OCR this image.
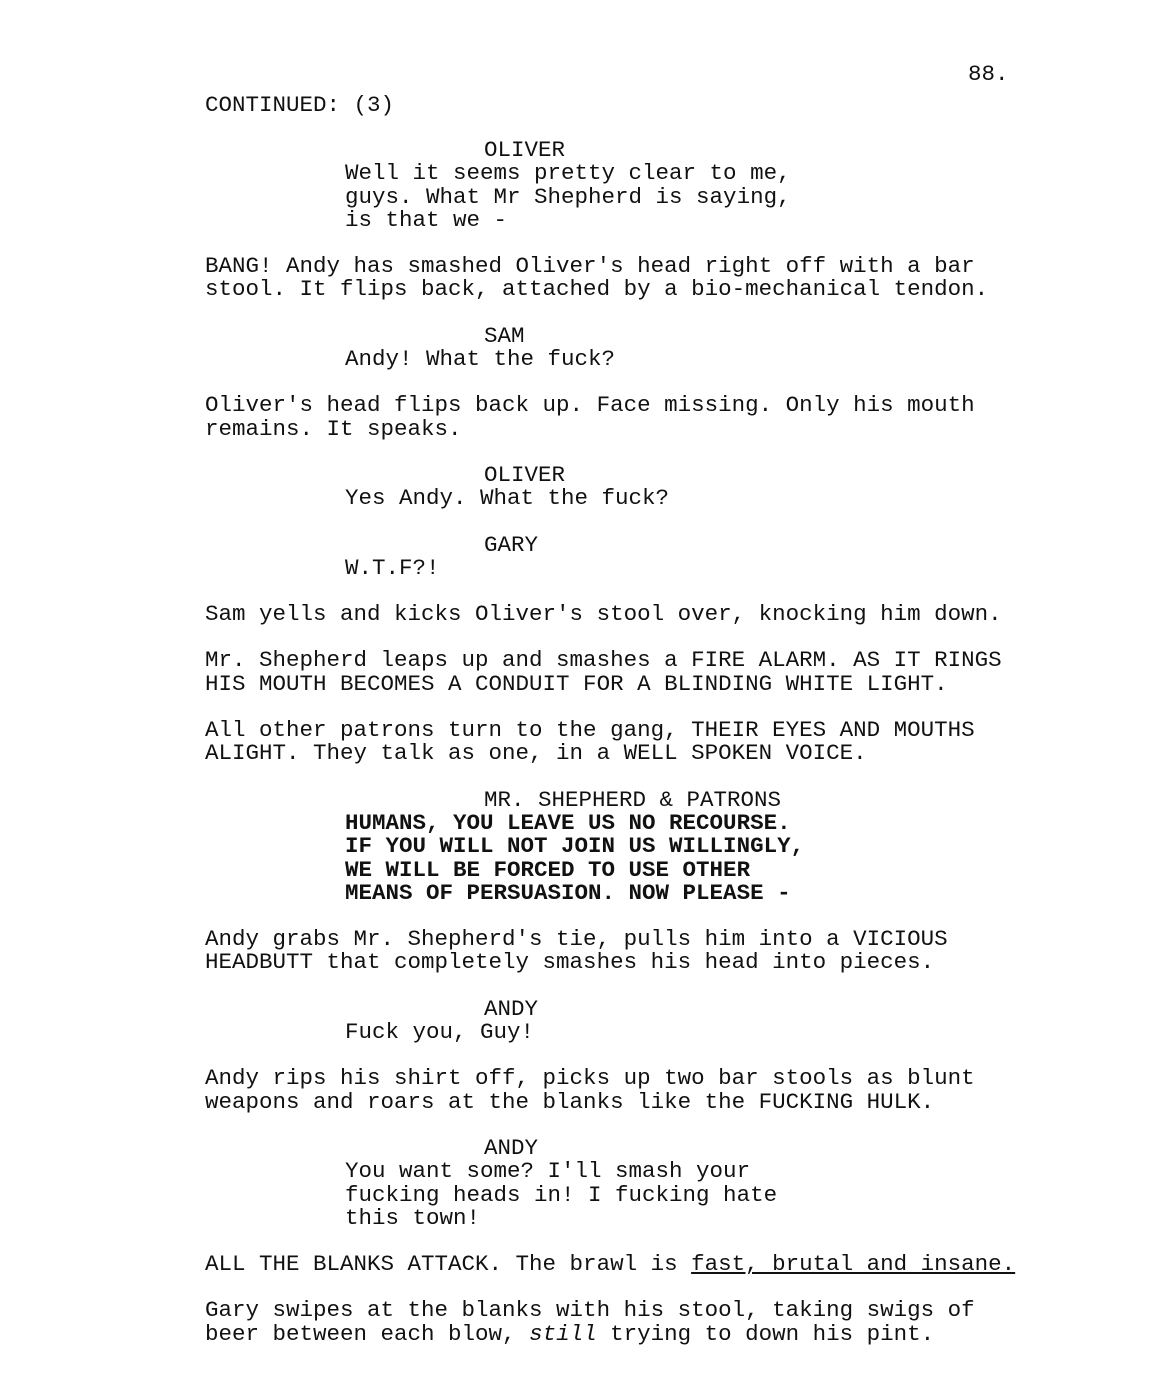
88.
CONTINUED: (3)
OLIVER
Well it seems pretty clear to me,
guys. What Mr Shepherd is saying,
is that we -
BANG! Andy has smashed Oliver's head right off with a bar
stool. It flips back, attached by a bio-mechanical tendon.
SAM
Andy! What the fuck?
Oliver's head flips back up. Face missing. Only his mouth
remains. It speaks.
OLIVER
Yes Andy. What the fuck?
GARY
W.T.F?!
Sam yells and kicks Oliver's stool over, knocking him down.
Mr. Shepherd leaps up and smashes a FIRE ALARM. AS IT RINGS
HIS MOUTH BECOMES A CONDUIT FOR A BLINDING WHITE LIGHT.
All other patrons turn to the gang, THEIR EYES AND MOUTHS
ALIGHT. They talk as one, in a WELL SPOKEN VOICE.
MR. SHEPHERD & PATRONS
HUMANS, YOU LEAVE US NO RECOURSE.
IF YOU WILL NOT JOIN US WILLINGLY,
WE WILL BE FORCED TO USE OTHER
MEANS OF PERSUASION. NOW PLEASE -
Andy grabs Mr. Shepherd's tie, pulls him into a VICIOUS
HEADBUTT that completely smashes his head into pieces.
ANDY
Fuck you, Guy!
Andy rips his shirt off, picks up two bar stools as blunt
weapons and roars at the blanks like the FUCKING HULK.
ANDY
You want some? I'll smash your
fucking heads in! I fucking hate
this town!
ALL THE BLANKS ATTACK. The brawl is fast, brutal and insane.
Gary swipes at the blanks with his stool, taking swigs of
beer between each blow, still trying to down his pint.
